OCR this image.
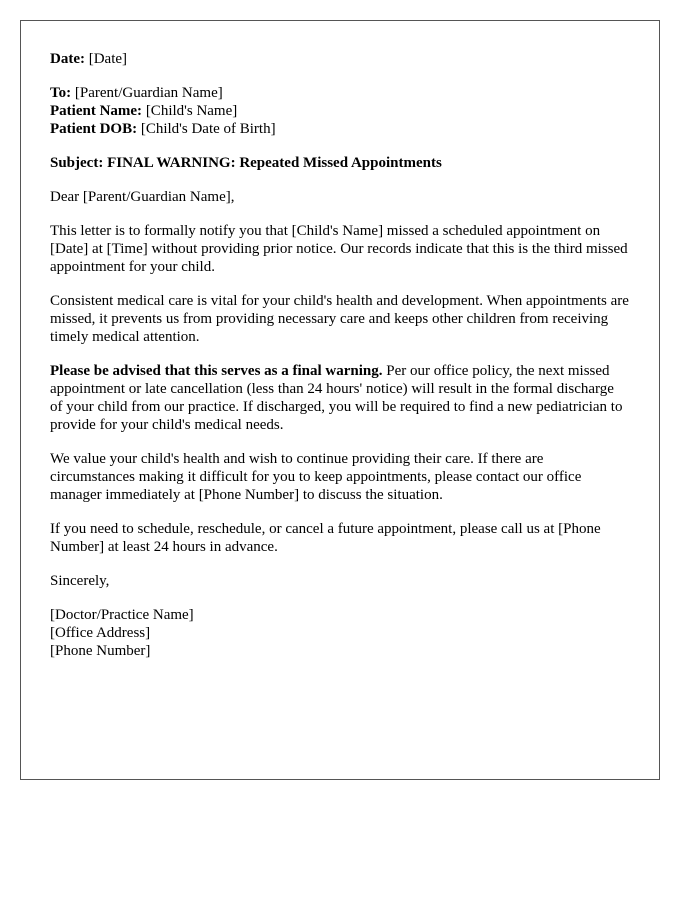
Date: [Date]
To: [Parent/Guardian Name]
Patient Name: [Child's Name]
Patient DOB: [Child's Date of Birth]
Subject: FINAL WARNING: Repeated Missed Appointments

Dear [Parent/Guardian Name],

This letter is to formally notify you that [Child's Name] missed a scheduled appointment on [Date] at [Time] without providing prior notice. Our records indicate that this is the third missed appointment for your child.

Consistent medical care is vital for your child's health and development. When appointments are missed, it prevents us from providing necessary care and keeps other children from receiving timely medical attention.

Please be advised that this serves as a final warning. Per our office policy, the next missed appointment or late cancellation (less than 24 hours' notice) will result in the formal discharge of your child from our practice. If discharged, you will be required to find a new pediatrician to provide for your child's medical needs.

We value your child's health and wish to continue providing their care. If there are circumstances making it difficult for you to keep appointments, please contact our office manager immediately at [Phone Number] to discuss the situation.

If you need to schedule, reschedule, or cancel a future appointment, please call us at [Phone Number] at least 24 hours in advance.

Sincerely,

[Doctor/Practice Name]
[Office Address]
[Phone Number]
